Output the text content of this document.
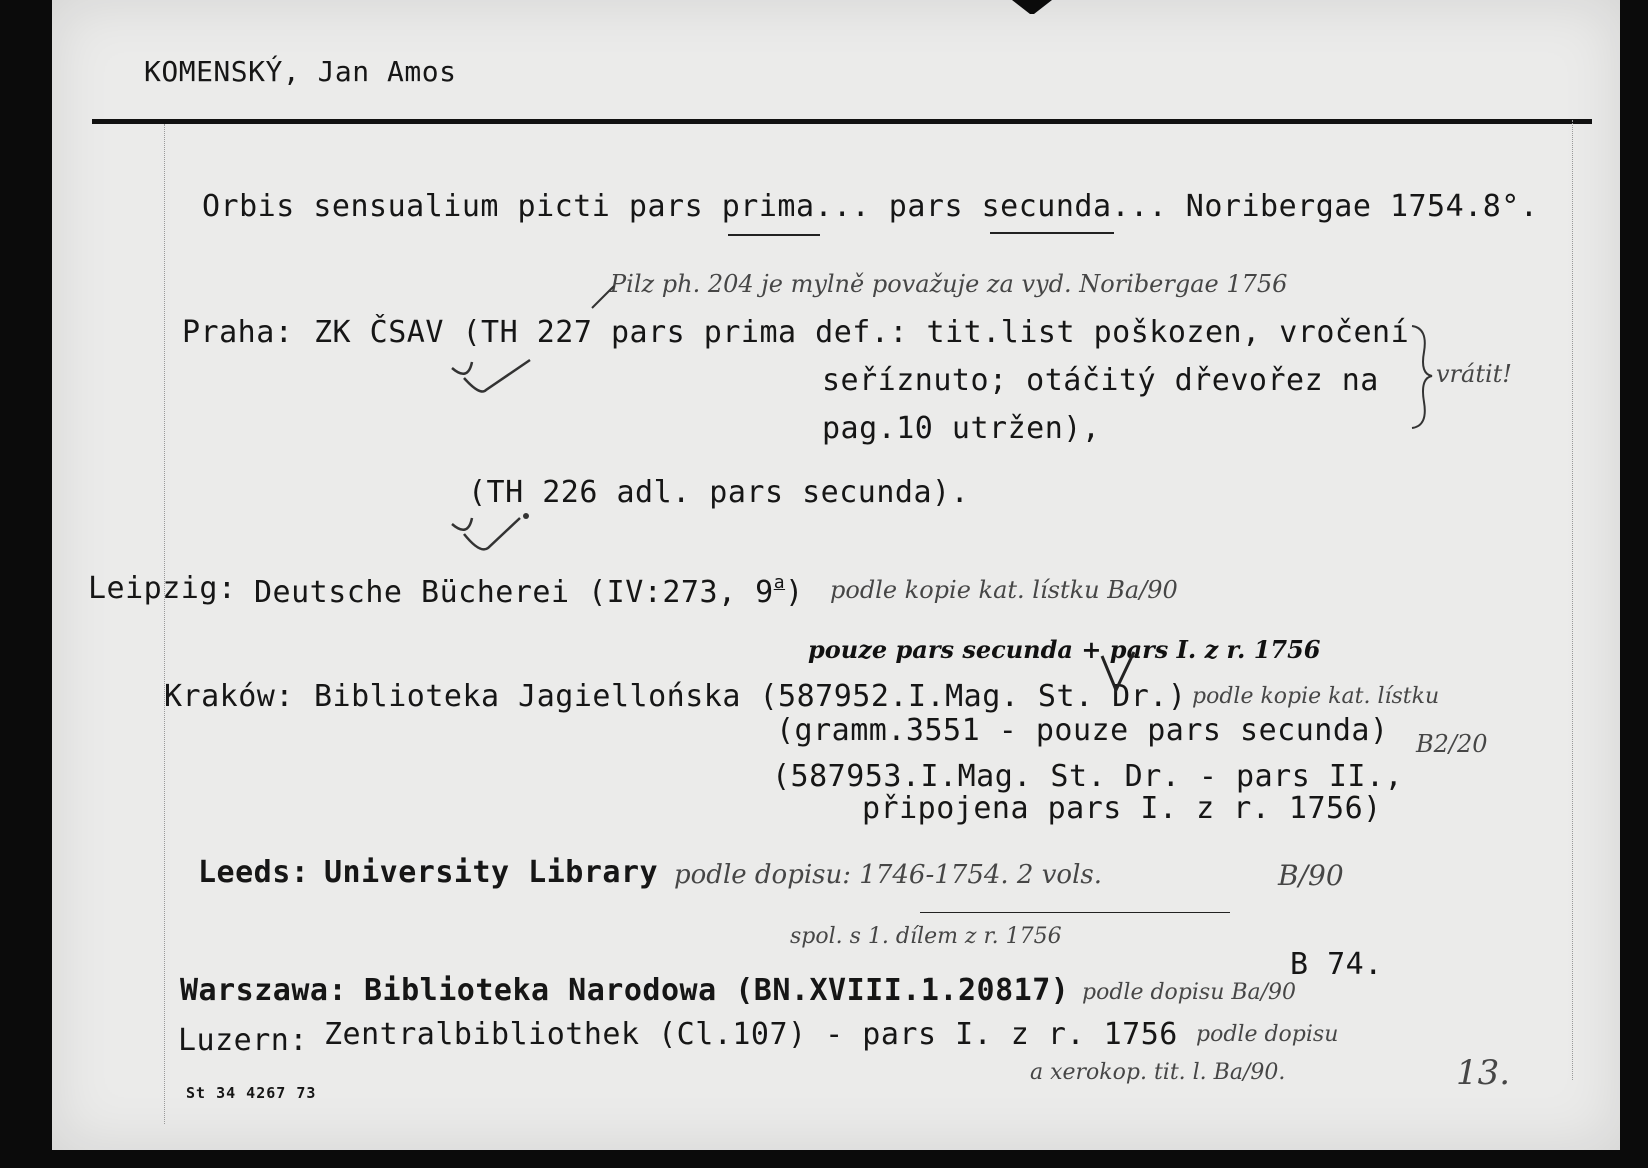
KOMENSKÝ, Jan Amos
Orbis sensualium picti pars prima... pars secunda... Noribergae 1754.8°.
Pilz ph. 204 je mylně považuje za vyd. Noribergae 1756
Praha: ZK ČSAV (TH 227 pars prima def.: tit.list poškozen, vročení
seříznuto; otáčitý dřevořez na
pag.10 utržen),
(TH 226 adl. pars secunda).
vrátit!
Leipzig: Deutsche Bücherei (IV:273, 9$^a$) podle kopie kat. lístku Ba/90
pouze pars secunda + pars I. z r. 1756
Kraków: Biblioteka Jagiellońska (587952.I.Mag. St. Dr.) podle kopie kat. lístku
(gramm.3551 - pouze pars secunda) B2/20
(587953.I.Mag. St. Dr. - pars II.,
připojena pars I. z r. 1756)
Leeds: University Library podle dopisu: 1746-1754. 2 vols.	B/90
spol. s 1. dílem z r. 1756
B 74.
Warszawa: Biblioteka Narodowa (BN.XVIII.1.20817) podle dopisu Ba/90
Luzern: Zentralbibliothek (Cl.107) - pars I. z r. 1756 podle dopisu
a xerokop. tit. l. Ba/90.	13.
St 34 4267 73
